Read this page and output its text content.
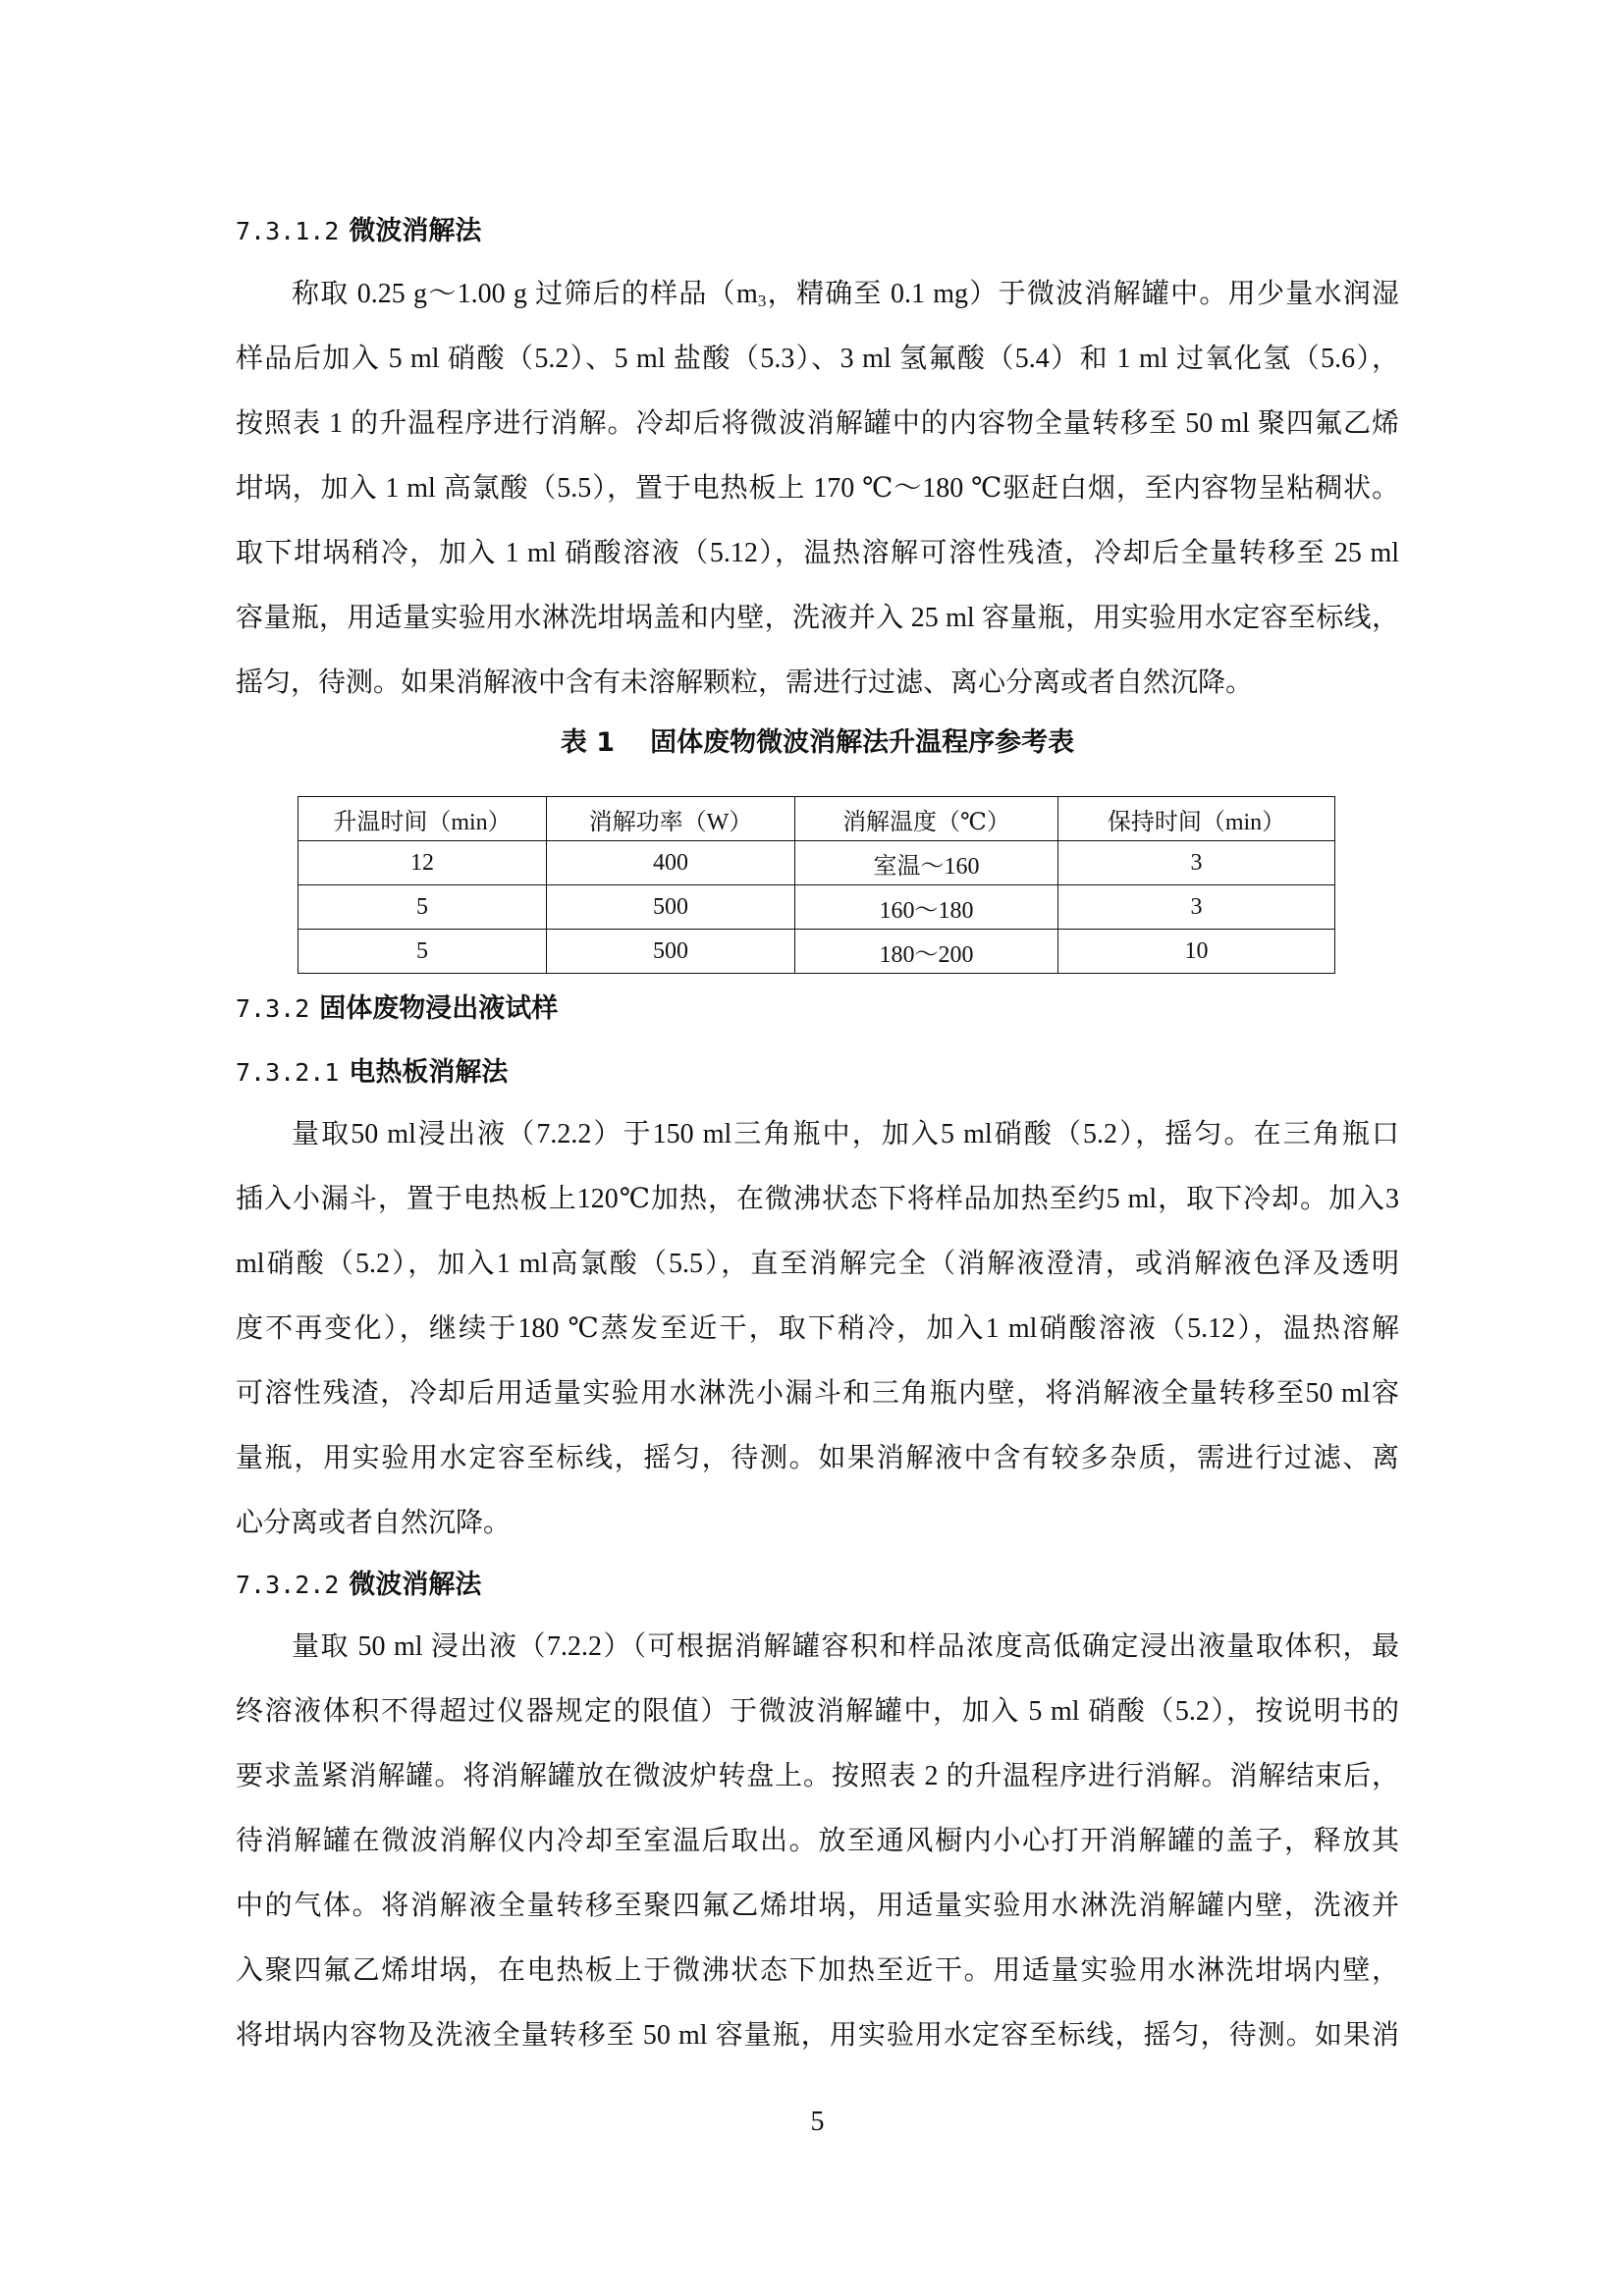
7.3.1.2 微波消解法
称取 0.25 g～1.00 g 过筛后的样品（$m_3$，精确至 0.1 mg）于微波消解罐中。用少量水润湿
样品后加入 5 ml 硝酸（5.2）、5 ml 盐酸（5.3）、3 ml 氢氟酸（5.4）和 1 ml 过氧化氢（5.6），
按照表 1 的升温程序进行消解。冷却后将微波消解罐中的内容物全量转移至 50 ml 聚四氟乙烯
坩埚，加入 1 ml 高氯酸（5.5），置于电热板上 170 ℃～180 ℃驱赶白烟，至内容物呈粘稠状。
取下坩埚稍冷，加入 1 ml 硝酸溶液（5.12），温热溶解可溶性残渣，冷却后全量转移至 25 ml
容量瓶，用适量实验用水淋洗坩埚盖和内壁，洗液并入 25 ml 容量瓶，用实验用水定容至标线，
摇匀，待测。如果消解液中含有未溶解颗粒，需进行过滤、离心分离或者自然沉降。
表 1 固体废物微波消解法升温程序参考表
升温时间（min）	消解功率（W）	消解温度（℃）	保持时间（min）
12	400	室温～160	3
5	500	160～180	3
5	500	180～200	10
7.3.2 固体废物浸出液试样
7.3.2.1 电热板消解法
量取50 ml浸出液（7.2.2）于150 ml三角瓶中，加入5 ml硝酸（5.2），摇匀。在三角瓶口
插入小漏斗，置于电热板上120℃加热，在微沸状态下将样品加热至约5 ml，取下冷却。加入3
ml硝酸（5.2），加入1 ml高氯酸（5.5），直至消解完全（消解液澄清，或消解液色泽及透明
度不再变化），继续于180 ℃蒸发至近干，取下稍冷，加入1 ml硝酸溶液（5.12），温热溶解
可溶性残渣，冷却后用适量实验用水淋洗小漏斗和三角瓶内壁，将消解液全量转移至50 ml容
量瓶，用实验用水定容至标线，摇匀，待测。如果消解液中含有较多杂质，需进行过滤、离
心分离或者自然沉降。
7.3.2.2 微波消解法
量取 50 ml 浸出液（7.2.2）（可根据消解罐容积和样品浓度高低确定浸出液量取体积，最
终溶液体积不得超过仪器规定的限值）于微波消解罐中，加入 5 ml 硝酸（5.2），按说明书的
要求盖紧消解罐。将消解罐放在微波炉转盘上。按照表 2 的升温程序进行消解。消解结束后，
待消解罐在微波消解仪内冷却至室温后取出。放至通风橱内小心打开消解罐的盖子，释放其
中的气体。将消解液全量转移至聚四氟乙烯坩埚，用适量实验用水淋洗消解罐内壁，洗液并
入聚四氟乙烯坩埚，在电热板上于微沸状态下加热至近干。用适量实验用水淋洗坩埚内壁，
将坩埚内容物及洗液全量转移至 50 ml 容量瓶，用实验用水定容至标线，摇匀，待测。如果消
5
